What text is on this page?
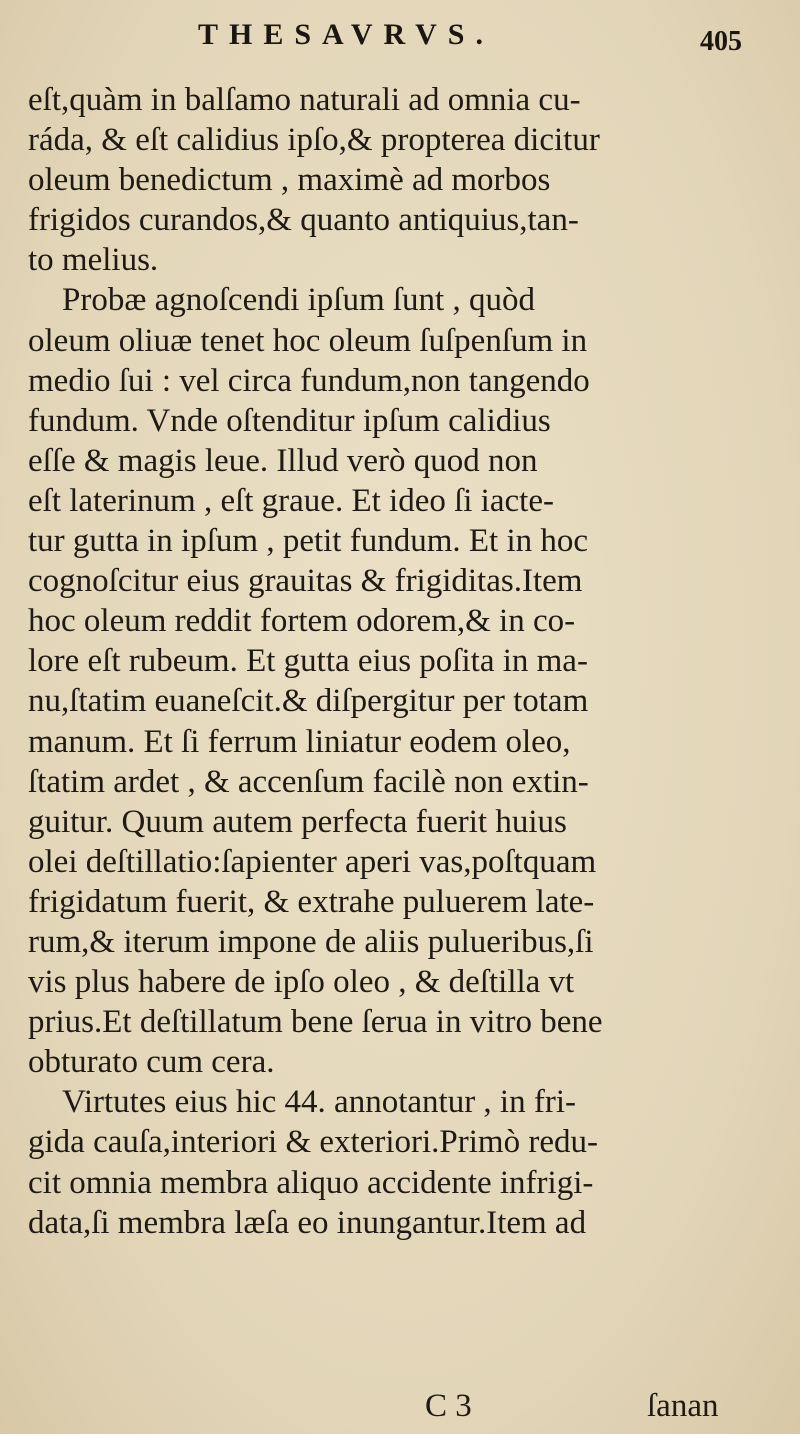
THESAVRVS.	405
eſt,quàm in balſamo naturali ad omnia cu-
ráda, & eſt calidius ipſo,& propterea dicitur
oleum benedictum , maximè ad morbos
frigidos curandos,& quanto antiquius,tan-
to melius.
Probæ agnoſcendi ipſum ſunt , quòd
oleum oliuæ tenet hoc oleum ſuſpenſum in
medio ſui : vel circa fundum,non tangendo
fundum. Vnde oſtenditur ipſum calidius
eſſe & magis leue. Illud verò quod non
eſt laterinum , eſt graue. Et ideo ſi iacte-
tur gutta in ipſum , petit fundum. Et in hoc
cognoſcitur eius grauitas & frigiditas.Item
hoc oleum reddit fortem odorem,& in co-
lore eſt rubeum. Et gutta eius poſita in ma-
nu,ſtatim euaneſcit.& diſpergitur per totam
manum. Et ſi ferrum liniatur eodem oleo,
ſtatim ardet , & accenſum facilè non extin-
guitur. Quum autem perfecta fuerit huius
olei deſtillatio:ſapienter aperi vas,poſtquam
frigidatum fuerit, & extrahe puluerem late-
rum,& iterum impone de aliis pulueribus,ſi
vis plus habere de ipſo oleo , & deſtilla vt
prius.Et deſtillatum bene ſerua in vitro bene
obturato cum cera.
Virtutes eius hic 44. annotantur , in fri-
gida cauſa,interiori & exteriori.Primò redu-
cit omnia membra aliquo accidente infrigi-
data,ſi membra læſa eo inungantur.Item ad
C 3	ſanan
